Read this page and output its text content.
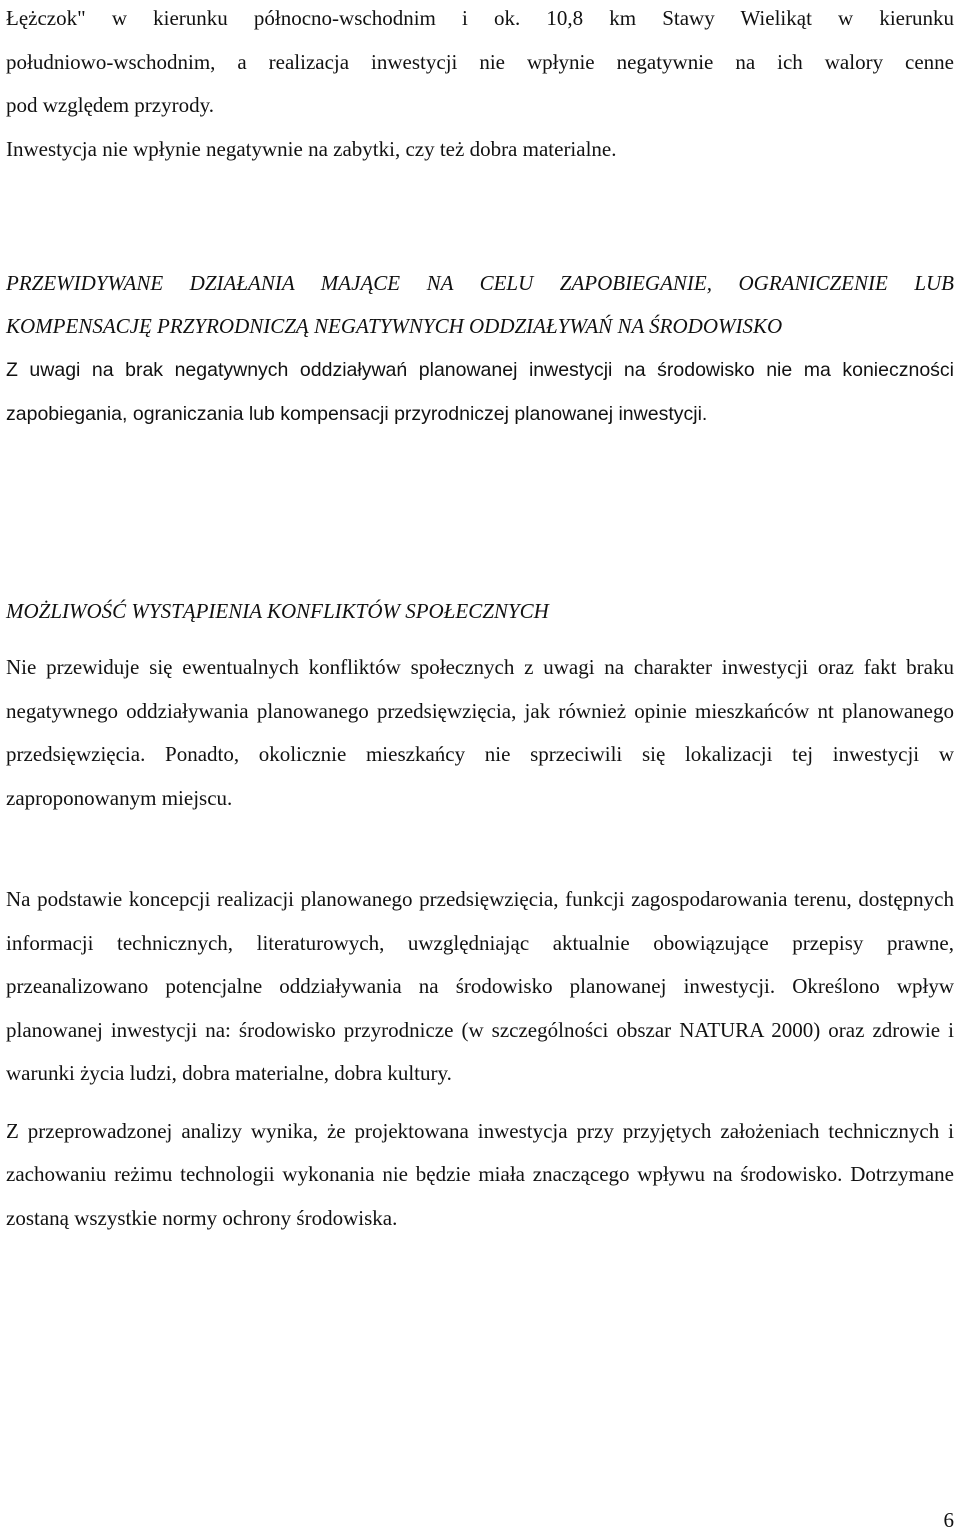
Łężczok" w kierunku północno-wschodnim i ok. 10,8 km Stawy Wielikąt w kierunku

południowo-wschodnim, a realizacja inwestycji nie wpłynie negatywnie na ich walory cenne

pod względem przyrody.

Inwestycja nie wpłynie negatywnie na zabytki, czy też dobra materialne.

PRZEWIDYWANE DZIAŁANIA MAJĄCE NA CELU ZAPOBIEGANIE, OGRANICZENIE LUB

KOMPENSACJĘ PRZYRODNICZĄ NEGATYWNYCH ODDZIAŁYWAŃ NA ŚRODOWISKO

Z uwagi na brak negatywnych oddziaływań planowanej inwestycji na środowisko nie ma konieczności zapobiegania, ograniczania lub kompensacji przyrodniczej planowanej inwestycji.

MOŻLIWOŚĆ WYSTĄPIENIA KONFLIKTÓW SPOŁECZNYCH

Nie przewiduje się ewentualnych konfliktów społecznych z uwagi na charakter inwestycji oraz fakt braku negatywnego oddziaływania planowanego przedsięwzięcia, jak również opinie mieszkańców nt planowanego przedsięwzięcia. Ponadto, okolicznie mieszkańcy nie sprzeciwili się lokalizacji tej inwestycji w zaproponowanym miejscu.

Na podstawie koncepcji realizacji planowanego przedsięwzięcia, funkcji zagospodarowania terenu, dostępnych informacji technicznych, literaturowych, uwzględniając aktualnie obowiązujące przepisy prawne, przeanalizowano potencjalne oddziaływania na środowisko planowanej inwestycji. Określono wpływ planowanej inwestycji na: środowisko przyrodnicze (w szczególności obszar NATURA 2000) oraz zdrowie i warunki życia ludzi, dobra materialne, dobra kultury.

Z przeprowadzonej analizy wynika, że projektowana inwestycja przy przyjętych założeniach technicznych i zachowaniu reżimu technologii wykonania nie będzie miała znaczącego wpływu na środowisko. Dotrzymane zostaną wszystkie normy ochrony środowiska.

6
